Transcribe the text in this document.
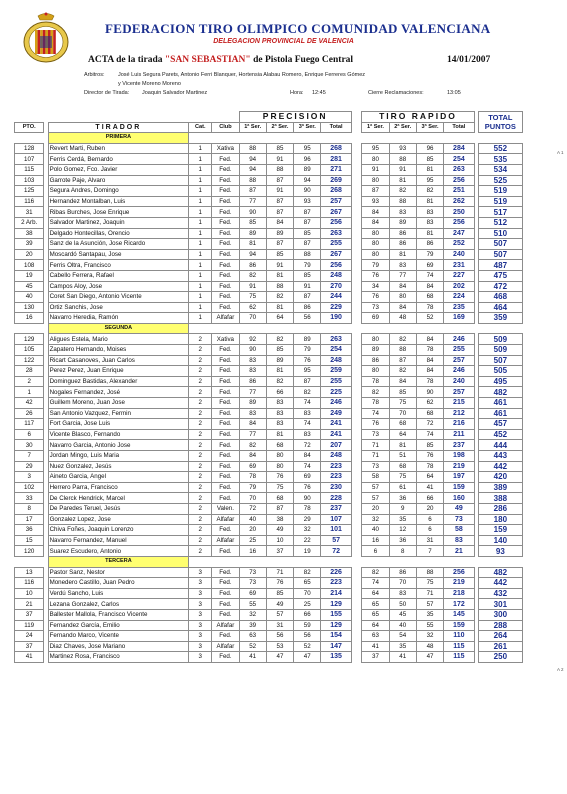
FEDERACION TIRO OLIMPICO COMUNIDAD VALENCIANA
DELEGACION PROVINCIAL DE VALENCIA
ACTA de la tirada "SAN SEBASTIAN" de Pistola Fuego Central	14/01/2007
Arbitros: José Luis Segura Parets, Antonio Ferri Blanquer, Hortensia Alabau Romero, Enrique Ferreres Gómez
y Vicente Moreno Moreno
Director de Tirada: Joaquin Salvador Martinez	Hora: 12:45	Cierre Reclamaciones:	13:05
					PRECISION					TIRO RAPIDO					TOTAL
PUNTOS	
PTO.		TIRADOR	Cat.	Club	1ª Ser.	2ª Ser.	3ª Ser.	Total		1ª Ser.	2ª Ser.	3ª Ser.	Total			
		PRIMERA														
128		Revert Marti, Ruben	1	Xativa	88	85	95	268		95	93	96	284		552	
107		Ferris Cerdá, Bernardo	1	Fed.	94	91	96	281		80	88	85	254		535	
115		Polo Gomez, Fco. Javier	1	Fed.	94	88	89	271		91	91	81	263		534	
103		Garrote Paje, Alvaro	1	Fed.	88	87	94	269		80	81	95	256		525	
125		Segura Andres, Domingo	1	Fed.	87	91	90	268		87	82	82	251		519	
116		Hernandez Montalban, Luis	1	Fed.	77	87	93	257		93	88	81	262		519	
31		Ribas Burches, Jose Enrique	1	Fed.	90	87	87	267		84	83	83	250		517	
2 Arb.		Salvador Martinez, Joaquin	1	Fed.	85	84	87	256		84	89	83	256		512	
38		Delgado Hontecillas, Orencio	1	Fed.	89	89	85	263		80	86	81	247		510	
39		Sanz de la Asunción, Jose Ricardo	1	Fed.	81	87	87	255		80	86	86	252		507	
20		Moscardó Santapau, Jose	1	Fed.	94	85	88	267		80	81	79	240		507	
108		Ferris Oltra, Francisco	1	Fed.	86	91	79	256		79	83	69	231		487	
19		Cabello Ferrera, Rafael	1	Fed.	82	81	85	248		76	77	74	227		475	
45		Campos Aloy, Jose	1	Fed.	91	88	91	270		34	84	84	202		472	
40		Coret San Diego, Antonio Vicente	1	Fed.	75	82	87	244		76	80	68	224		468	
130		Ortiz Sanchis, Jose	1	Fed.	62	81	86	229		73	84	78	235		464	
16		Navarro Heredia, Ramón	1	Alfafar	70	64	56	190		69	48	52	169		359	
		SEGUNDA														
129		Aligues Estela, Mario	2	Xativa	92	82	89	263		80	82	84	246		509	
105		Zapatero Hernando, Moises	2	Fed.	90	85	79	254		89	88	78	255		509	
122		Ricart Casanoves, Juan Carlos	2	Fed.	83	89	76	248		86	87	84	257		507	
28		Perez Perez, Juan Enrique	2	Fed.	83	81	95	259		80	82	84	246		505	
2		Dominguez Bastidas, Alexander	2	Fed.	86	82	87	255		78	84	78	240		495	
1		Nogales Fernandez, José	2	Fed.	77	66	82	225		82	85	90	257		482	
42		Guillem Moreno, Juan Jose	2	Fed.	89	83	74	246		78	75	62	215		461	
26		San Antonio Vazquez, Fermin	2	Fed.	83	83	83	249		74	70	68	212		461	
117		Fort Garcia, Jose Luis	2	Fed.	84	83	74	241		76	68	72	216		457	
6		Vicente Blasco, Fernando	2	Fed.	77	81	83	241		73	64	74	211		452	
30		Navarro Garcia, Antonio Jose	2	Fed.	82	68	72	207		71	81	85	237		444	
7		Jordan Mingo, Luis Maria	2	Fed.	84	80	84	248		71	51	76	198		443	
29		Nuez Gonzalez, Jesús	2	Fed.	69	80	74	223		73	68	78	219		442	
3		Aineto Garcia, Angel	2	Fed.	78	76	69	223		58	75	64	197		420	
102		Herrero Parra, Francisco	2	Fed.	79	75	76	230		57	61	41	159		389	
33		De Clerck Hendrick, Marcel	2	Fed.	70	68	90	228		57	36	66	160		388	
8		De Paredes Teruel, Jesús	2	Valen.	72	87	78	237		20	9	20	49		286	
17		Gonzalez Lopez, Jose	2	Alfafar	40	38	29	107		32	35	6	73		180	
36		Chiva Foñes, Joaquin Lorenzo	2	Fed.	20	49	32	101		40	12	6	58		159	
15		Navarro Fernandez, Manuel	2	Alfafar	25	10	22	57		16	36	31	83		140	
120		Suarez Escudero, Antonio	2	Fed.	16	37	19	72		6	8	7	21		93	
		TERCERA														
13		Pastor Sanz, Nestor	3	Fed.	73	71	82	226		82	86	88	256		482	
116		Monedero Castillo, Juan Pedro	3	Fed.	73	76	65	223		74	70	75	219		442	
10		Verdú Sancho, Luis	3	Fed.	69	85	70	214		64	83	71	218		432	
21		Lezana Gonzalez, Carlos	3	Fed.	55	49	25	129		65	50	57	172		301	
37		Ballester Mallola, Francisco Vicente	3	Fed.	32	57	66	155		65	45	35	145		300	
119		Fernandez García, Emilio	3	Alfafar	39	31	59	129		64	40	55	159		288	
24		Fernando Marco, Vicente	3	Fed.	63	56	56	154		63	54	32	110		264	
37		Diaz Chaves, Jose Mariano	3	Alfafar	52	53	52	147		41	35	48	115		261	
41		Martinez Rosa, Francisco	3	Fed.	41	47	47	135		37	41	47	115		250	
A 1
A 2
